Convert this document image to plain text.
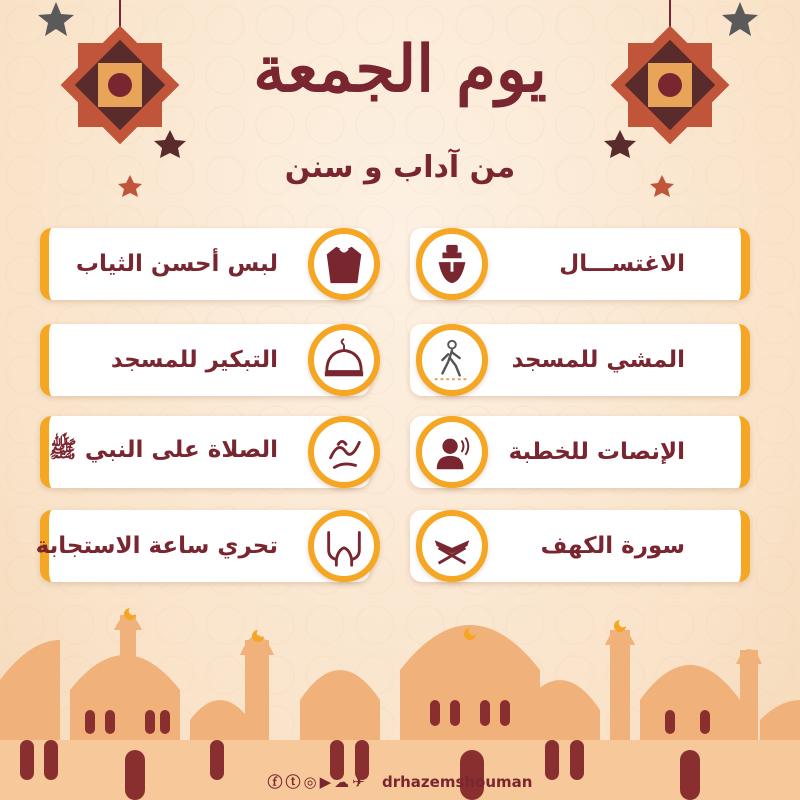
يوم الجمعة
من آداب و سنن
الاغتســـال
لبس أحسن الثياب
المشي للمسجد
التبكير للمسجد
الإنصات للخطبة
الصلاة على النبي ﷺ
سورة الكهف
تحري ساعة الاستجابة
ⓕⓣ◎▶☁✈ drhazemshouman
